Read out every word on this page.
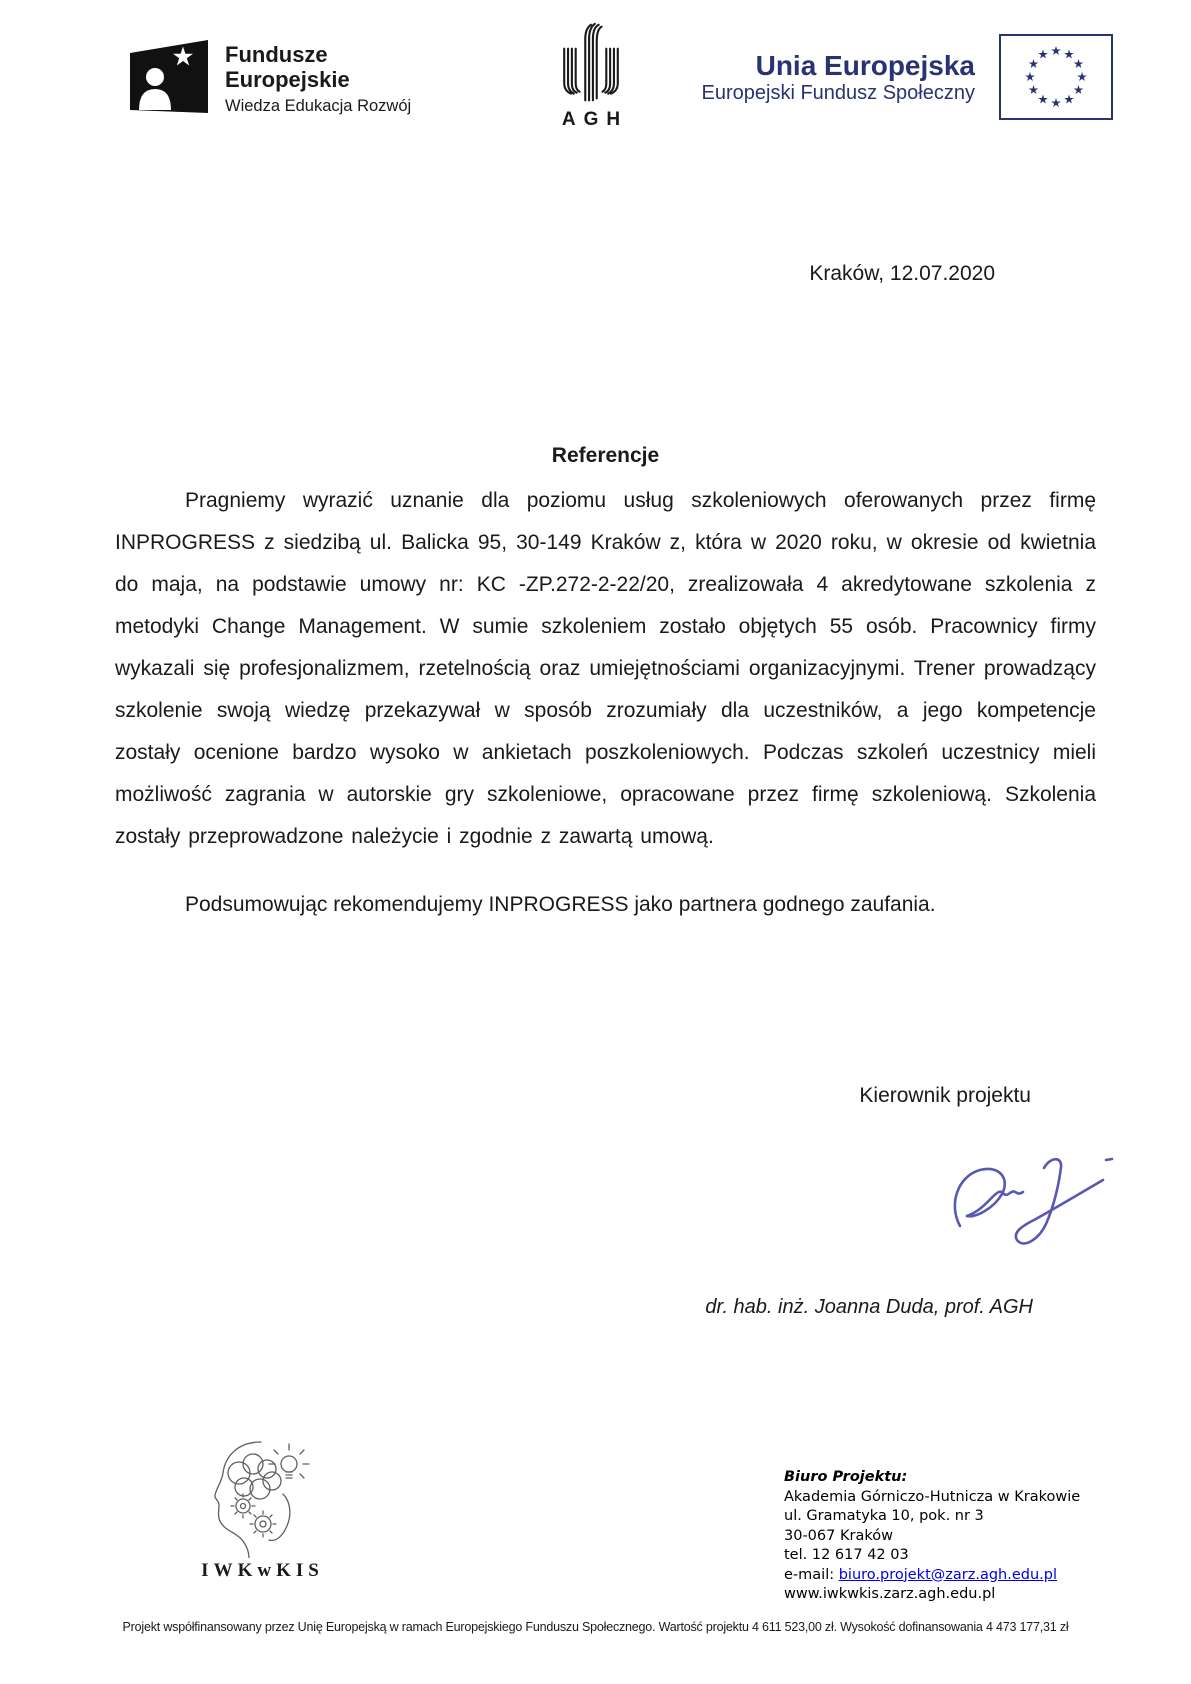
Fundusze
Europejskie
Wiedza Edukacja Rozwój
AGH
Unia Europejska
Europejski Fundusz Społeczny
Kraków, 12.07.2020
Referencje

Pragniemy wyrazić uznanie dla poziomu usług szkoleniowych oferowanych przez firmę INPROGRESS z siedzibą ul. Balicka 95, 30-149 Kraków z, która w 2020 roku, w okresie od kwietnia do maja, na podstawie umowy nr: KC -ZP.272-2-22/20, zrealizowała 4 akredytowane szkolenia z metodyki Change Management. W sumie szkoleniem zostało objętych 55 osób. Pracownicy firmy wykazali się profesjonalizmem, rzetelnością oraz umiejętnościami organizacyjnymi. Trener prowadzący szkolenie swoją wiedzę przekazywał w sposób zrozumiały dla uczestników, a jego kompetencje zostały ocenione bardzo wysoko w ankietach poszkoleniowych. Podczas szkoleń uczestnicy mieli możliwość zagrania w autorskie gry szkoleniowe, opracowane przez firmę szkoleniową. Szkolenia zostały przeprowadzone należycie i zgodnie z zawartą umową.

Podsumowując rekomendujemy INPROGRESS jako partnera godnego zaufania.

Kierownik projektu
dr. hab. inż. Joanna Duda, prof. AGH
IWKwKIS
Biuro Projektu:
Akademia Górniczo-Hutnicza w Krakowie
ul. Gramatyka 10, pok. nr 3
30-067 Kraków
tel. 12 617 42 03
e-mail: biuro.projekt@zarz.agh.edu.pl
www.iwkwkis.zarz.agh.edu.pl
Projekt współfinansowany przez Unię Europejską w ramach Europejskiego Funduszu Społecznego. Wartość projektu 4 611 523,00 zł. Wysokość dofinansowania 4 473 177,31 zł
